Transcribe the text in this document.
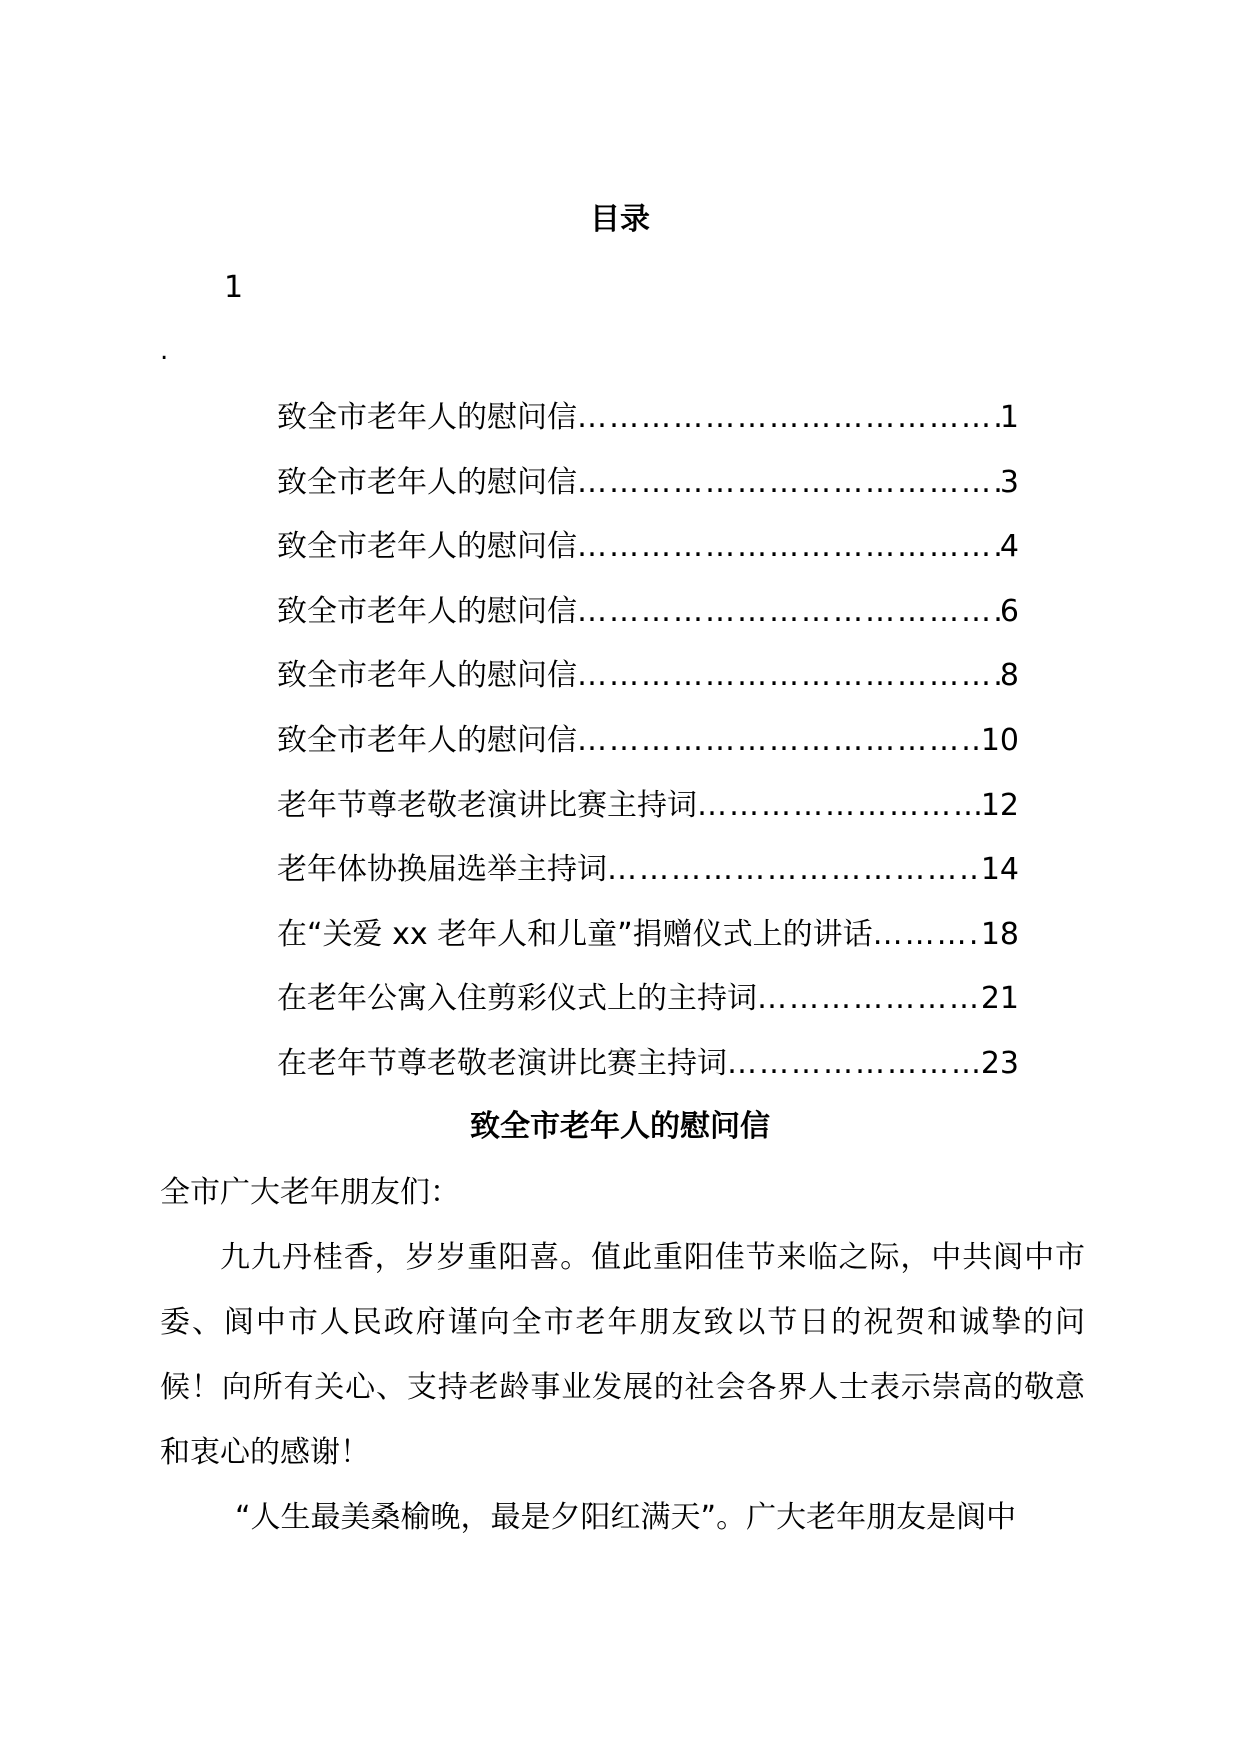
目录
1
.
致全市老年人的慰问信 ……………………………………………………………………………………………………	1
致全市老年人的慰问信 ……………………………………………………………………………………………………	3
致全市老年人的慰问信 ……………………………………………………………………………………………………	4
致全市老年人的慰问信 ……………………………………………………………………………………………………	6
致全市老年人的慰问信 ……………………………………………………………………………………………………	8
致全市老年人的慰问信 ……………………………………………………………………………………………………	10
老年节尊老敬老演讲比赛主持词 ……………………………………………………………………………………………………	12
老年体协换届选举主持词 ……………………………………………………………………………………………………	14
在“关爱 xx 老年人和儿童”捐赠仪式上的讲话 ……………………………………………………………………………………………………	18
在老年公寓入住剪彩仪式上的主持词 ……………………………………………………………………………………………………	21
在老年节尊老敬老演讲比赛主持词 ……………………………………………………………………………………………………	23
致全市老年人的慰问信
全市广大老年朋友们：

九九丹桂香，岁岁重阳喜。值此重阳佳节来临之际，中共阆中市委、阆中市人民政府谨向全市老年朋友致以节日的祝贺和诚挚的问候！向所有关心、支持老龄事业发展的社会各界人士表示崇高的敬意和衷心的感谢！

“人生最美桑榆晚，最是夕阳红满天”。广大老年朋友是阆中
